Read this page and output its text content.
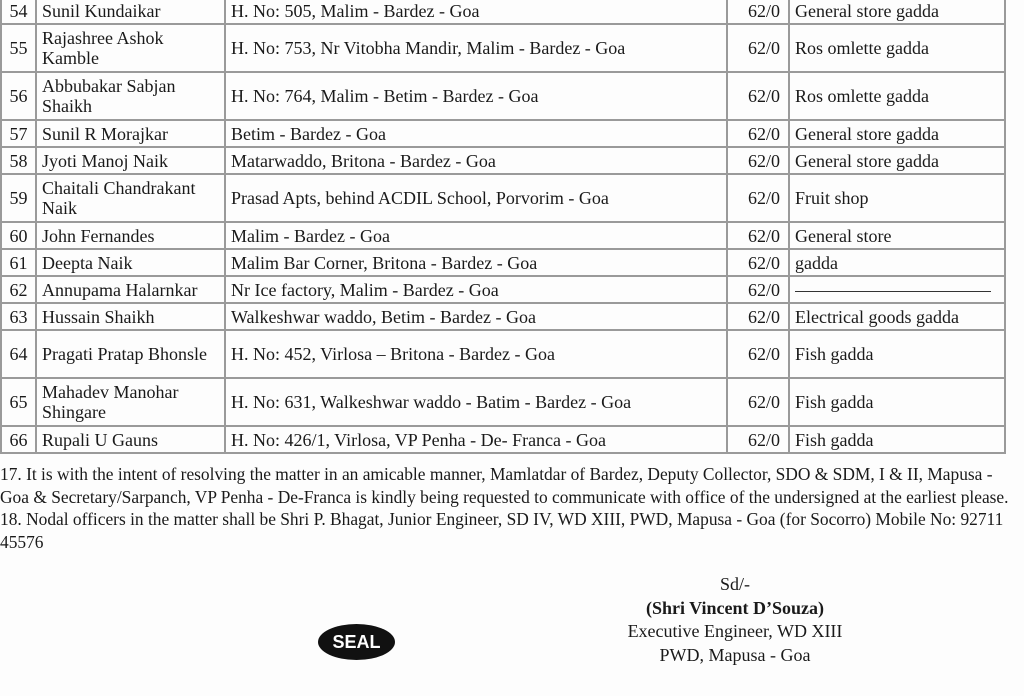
54	Sunil Kundaikar	H. No: 505, Malim - Bardez - Goa	62/0	General store gadda
55	Rajashree Ashok Kamble	H. No: 753, Nr Vitobha Mandir, Malim - Bardez - Goa	62/0	Ros omlette gadda
56	Abbubakar Sabjan Shaikh	H. No: 764, Malim - Betim - Bardez - Goa	62/0	Ros omlette gadda
57	Sunil R Morajkar	Betim - Bardez - Goa	62/0	General store gadda
58	Jyoti Manoj Naik	Matarwaddo, Britona - Bardez - Goa	62/0	General store gadda
59	Chaitali Chandrakant Naik	Prasad Apts, behind ACDIL School, Porvorim - Goa	62/0	Fruit shop
60	John Fernandes	Malim - Bardez - Goa	62/0	General store
61	Deepta Naik	Malim Bar Corner, Britona - Bardez - Goa	62/0	gadda
62	Annupama Halarnkar	Nr Ice factory, Malim - Bardez - Goa	62/0	
63	Hussain Shaikh	Walkeshwar waddo, Betim - Bardez - Goa	62/0	Electrical goods gadda
64	Pragati Pratap Bhonsle	H. No: 452, Virlosa – Britona - Bardez - Goa	62/0	Fish gadda
65	Mahadev Manohar Shingare	H. No: 631, Walkeshwar waddo - Batim - Bardez - Goa	62/0	Fish gadda
66	Rupali U Gauns	H. No: 426/1, Virlosa, VP Penha - De- Franca - Goa	62/0	Fish gadda

17. It is with the intent of resolving the matter in an amicable manner, Mamlatdar of Bardez, Deputy Collector, SDO & SDM, I & II, Mapusa - Goa & Secretary/Sarpanch, VP Penha - De-Franca is kindly being requested to communicate with office of the undersigned at the earliest please. 18. Nodal officers in the matter shall be Shri P. Bhagat, Junior Engineer, SD IV, WD XIII, PWD, Mapusa - Goa (for Socorro) Mobile No: 92711 45576

SEAL
Sd/-
(Shri Vincent D’Souza)
Executive Engineer, WD XIII
PWD, Mapusa - Goa
